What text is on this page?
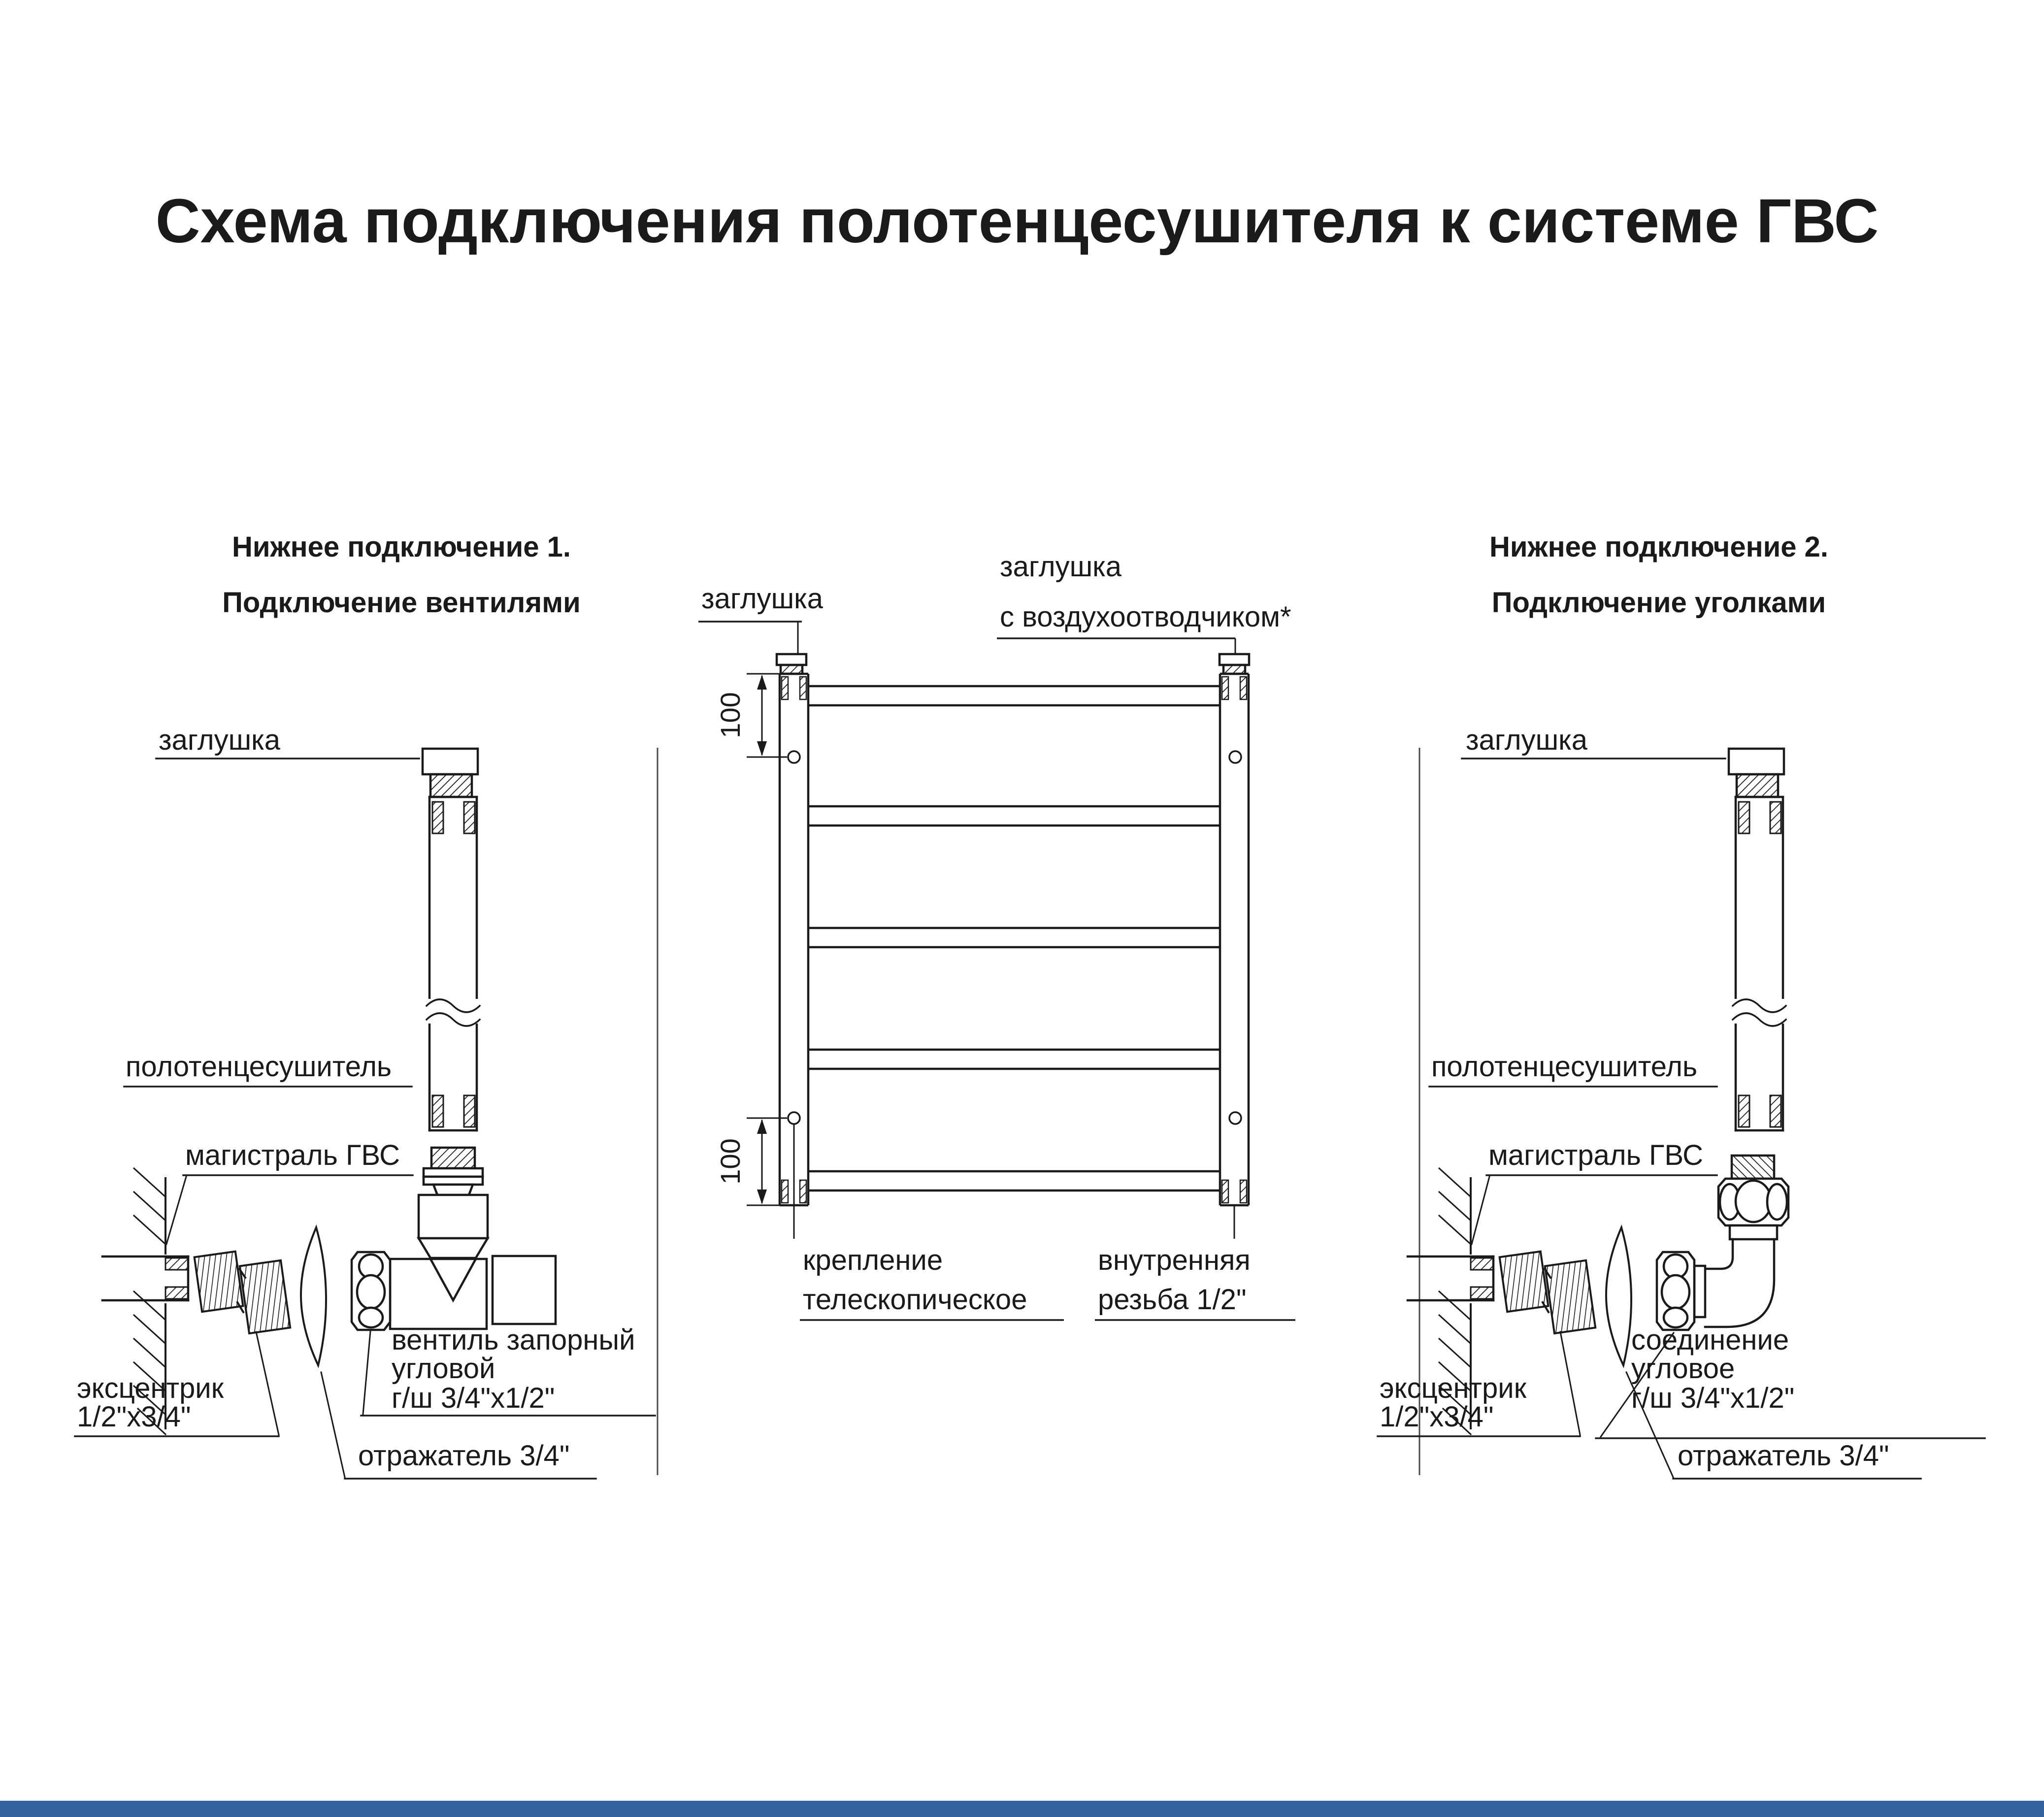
Схема подключения полотенцесушителя к системе ГВС
Нижнее подключение 1.
Подключение вентилями
заглушка
полотенцесушитель
магистраль ГВС
вентиль запорный
угловой
г/ш 3/4"х1/2"
эксцентрик
1/2"х3/4"
отражатель 3/4"
заглушка
заглушка
с воздухоотводчиком*
100
100
крепление
телескопическое
внутренняя
резьба 1/2"
Нижнее подключение 2.
Подключение уголками
заглушка
полотенцесушитель
магистраль ГВС
соединение
угловое
г/ш 3/4"х1/2"
эксцентрик
1/2"х3/4"
отражатель 3/4"
